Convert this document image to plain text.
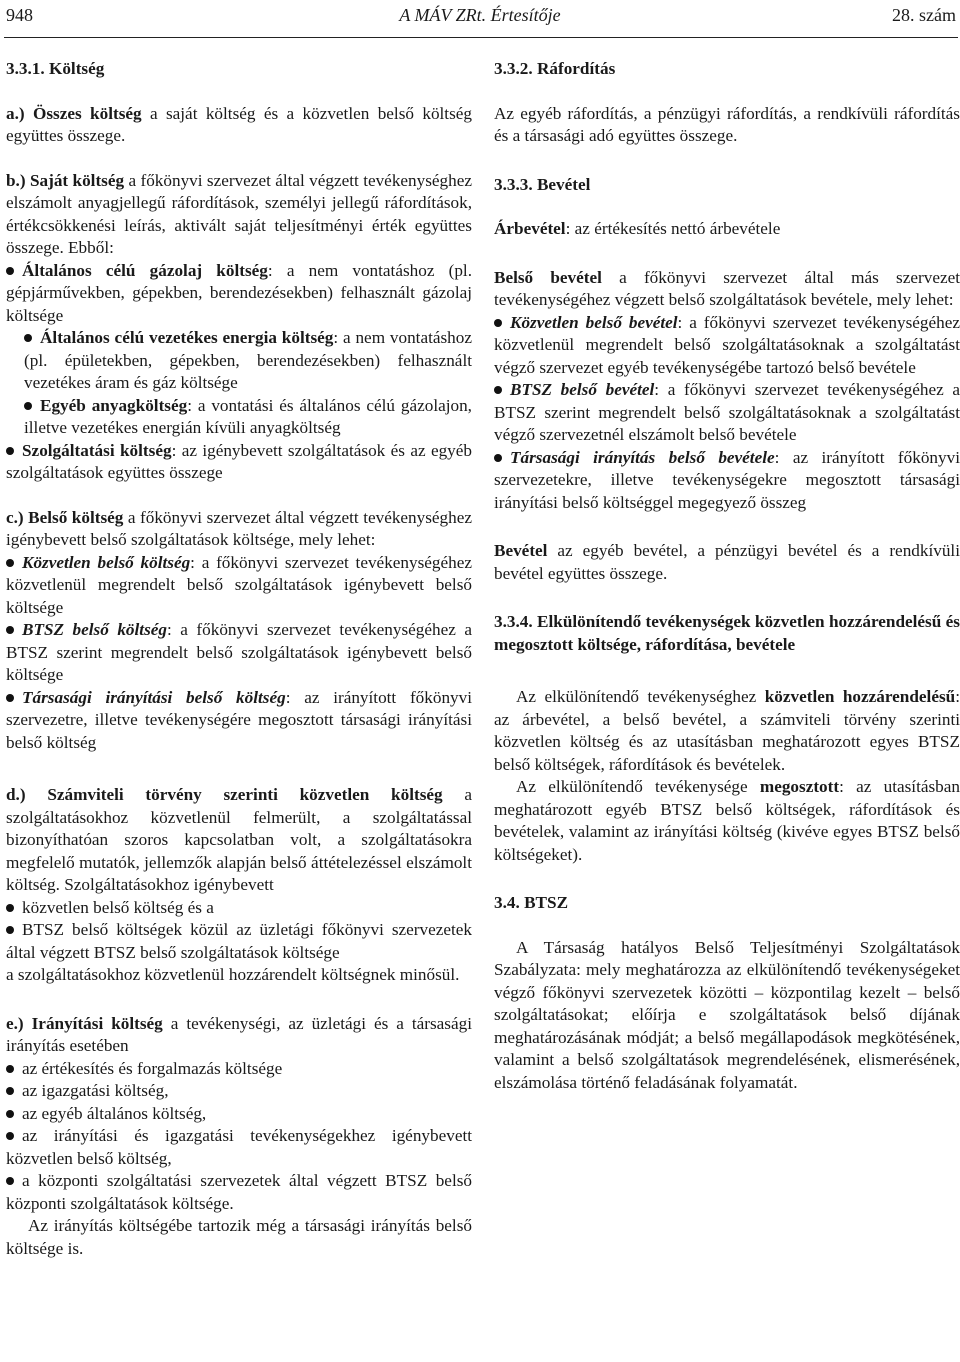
948	A MÁV ZRt. Értesítője	28. szám

3.3.1. Költség

a.) Összes költség a saját költség és a közvetlen belső költség együttes összege.

b.) Saját költség a főkönyvi szervezet által végzett tevékenységhez elszámolt anyagjellegű ráfordítások, személyi jellegű ráfordítások, értékcsökkenési leírás, aktivált saját teljesítményi érték együttes összege. Ebből:

Általános célú gázolaj költség: a nem vontatáshoz (pl. gépjárművekben, gépekben, berendezésekben) felhasznált gázolaj költsége

Általános célú vezetékes energia költség: a nem vontatáshoz (pl. épületekben, gépekben, berendezésekben) felhasznált vezetékes áram és gáz költsége

Egyéb anyagköltség: a vontatási és általános célú gázolajon, illetve vezetékes energián kívüli anyagköltség

Szolgáltatási költség: az igénybevett szolgáltatások és az egyéb szolgáltatások együttes összege

c.) Belső költség a főkönyvi szervezet által végzett tevékenységhez igénybevett belső szolgáltatások költsége, mely lehet:

Közvetlen belső költség: a főkönyvi szervezet tevékenységéhez közvetlenül megrendelt belső szolgáltatások igénybevett belső költsége

BTSZ belső költség: a főkönyvi szervezet tevékenységéhez a BTSZ szerint megrendelt belső szolgáltatások igénybevett belső költsége

Társasági irányítási belső költség: az irányított főkönyvi szervezetre, illetve tevékenységére megosztott társasági irányítási belső költség

d.) Számviteli törvény szerinti közvetlen költség a szolgáltatásokhoz közvetlenül felmerült, a szolgáltatással bizonyíthatóan szoros kapcsolatban volt, a szolgáltatásokra megfelelő mutatók, jellemzők alapján belső áttételezéssel elszámolt költség. Szolgáltatásokhoz igénybevett

közvetlen belső költség és a

BTSZ belső költségek közül az üzletági főkönyvi szervezetek által végzett BTSZ belső szolgáltatások költsége

a szolgáltatásokhoz közvetlenül hozzárendelt költségnek minősül.

e.) Irányítási költség a tevékenységi, az üzletági és a társasági irányítás esetében

az értékesítés és forgalmazás költsége

az igazgatási költség,

az egyéb általános költség,

az irányítási és igazgatási tevékenységekhez igénybevett közvetlen belső költség,

a központi szolgáltatási szervezetek által végzett BTSZ belső központi szolgáltatások költsége.

Az irányítás költségébe tartozik még a társasági irányítás belső költsége is.

3.3.2. Ráfordítás

Az egyéb ráfordítás, a pénzügyi ráfordítás, a rendkívüli ráfordítás és a társasági adó együttes összege.

3.3.3. Bevétel

Árbevétel: az értékesítés nettó árbevétele

Belső bevétel a főkönyvi szervezet által más szervezet tevékenységéhez végzett belső szolgáltatások bevétele, mely lehet:

Közvetlen belső bevétel: a főkönyvi szervezet tevékenységéhez közvetlenül megrendelt belső szolgáltatásoknak a szolgáltatást végző szervezet egyéb tevékenységébe tartozó belső bevétele

BTSZ belső bevétel: a főkönyvi szervezet tevékenységéhez a BTSZ szerint megrendelt belső szolgáltatásoknak a szolgáltatást végző szervezetnél elszámolt belső bevétele

Társasági irányítás belső bevétele: az irányított főkönyvi szervezetekre, illetve tevékenységekre megosztott társasági irányítási belső költséggel megegyező összeg

Bevétel az egyéb bevétel, a pénzügyi bevétel és a rendkívüli bevétel együttes összege.

3.3.4. Elkülönítendő tevékenységek közvetlen hozzárendelésű és megosztott költsége, ráfordítása, bevétele

Az elkülönítendő tevékenységhez közvetlen hozzárendelésű: az árbevétel, a belső bevétel, a számviteli törvény szerinti közvetlen költség és az utasításban meghatározott egyes BTSZ belső költségek, ráfordítások és bevételek.

Az elkülönítendő tevékenysége megosztott: az utasításban meghatározott egyéb BTSZ belső költségek, ráfordítások és bevételek, valamint az irányítási költség (kivéve egyes BTSZ belső költségeket).

3.4. BTSZ

A Társaság hatályos Belső Teljesítményi Szolgáltatások Szabályzata: mely meghatározza az elkülönítendő tevékenységeket végző főkönyvi szervezetek közötti – központilag kezelt – belső szolgáltatásokat; előírja e szolgáltatások belső díjának meghatározásának módját; a belső megállapodások megkötésének, valamint a belső szolgáltatások megrendelésének, elismerésének, elszámolása történő feladásának folyamatát.
